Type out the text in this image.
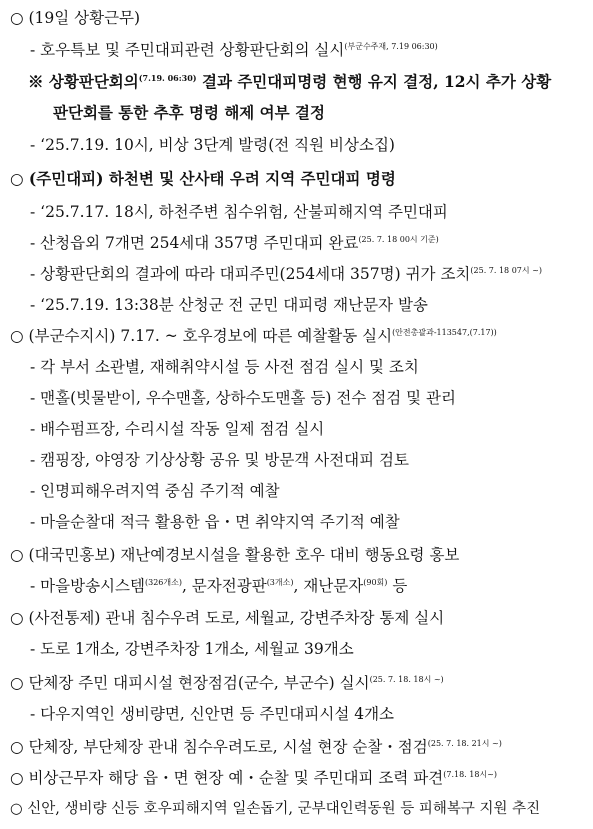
○ (19일 상황근무)
- 호우특보 및 주민대피관련 상황판단회의 실시$^{(부군수주재, 7.19 06:30)}$
※ 상황판단회의$^{(7.19. 06:30)}$ 결과 주민대피명령 현행 유지 결정, 12시 추가 상황
판단회를 통한 추후 명령 해제 여부 결정
- ‘25.7.19. 10시, 비상 3단계 발령(전 직원 비상소집)
○ (주민대피) 하천변 및 산사태 우려 지역 주민대피 명령
- ‘25.7.17. 18시, 하천주변 침수위험, 산불피해지역 주민대피
- 산청읍외 7개면 254세대 357명 주민대피 완료$^{(25. 7. 18 00시 기준)}$
- 상황판단회의 결과에 따라 대피주민(254세대 357명) 귀가 조치$^{(25. 7. 18 07시 \sim)}$
- ‘25.7.19. 13:38분 산청군 전 군민 대피령 재난문자 발송
○ (부군수지시) 7.17. ~ 호우경보에 따른 예찰활동 실시$^{(안전총괄과-113547,(7.17))}$
- 각 부서 소관별, 재해취약시설 등 사전 점검 실시 및 조치
- 맨홀(빗물받이, 우수맨홀, 상하수도맨홀 등) 전수 점검 및 관리
- 배수펌프장, 수리시설 작동 일제 점검 실시
- 캠핑장, 야영장 기상상황 공유 및 방문객 사전대피 검토
- 인명피해우려지역 중심 주기적 예찰
- 마을순찰대 적극 활용한 읍・면 취약지역 주기적 예찰
○ (대국민홍보) 재난예경보시설을 활용한 호우 대비 행동요령 홍보
- 마을방송시스템$^{(326개소)}$, 문자전광판$^{(3개소)}$, 재난문자$^{(90회)}$ 등
○ (사전통제) 관내 침수우려 도로, 세월교, 강변주차장 통제 실시
- 도로 1개소, 강변주차장 1개소, 세월교 39개소
○ 단체장 주민 대피시설 현장점검(군수, 부군수) 실시$^{(25. 7. 18. 18시 \sim)}$
- 다우지역인 생비량면, 신안면 등 주민대피시설 4개소
○ 단체장, 부단체장 관내 침수우려도로, 시설 현장 순찰・점검$^{(25. 7. 18. 21시 \sim)}$
○ 비상근무자 해당 읍・면 현장 예・순찰 및 주민대피 조력 파견$^{(7.18. 18시\sim)}$
○ 신안, 생비량 신등 호우피해지역 일손돕기, 군부대인력동원 등 피해복구 지원 추진
